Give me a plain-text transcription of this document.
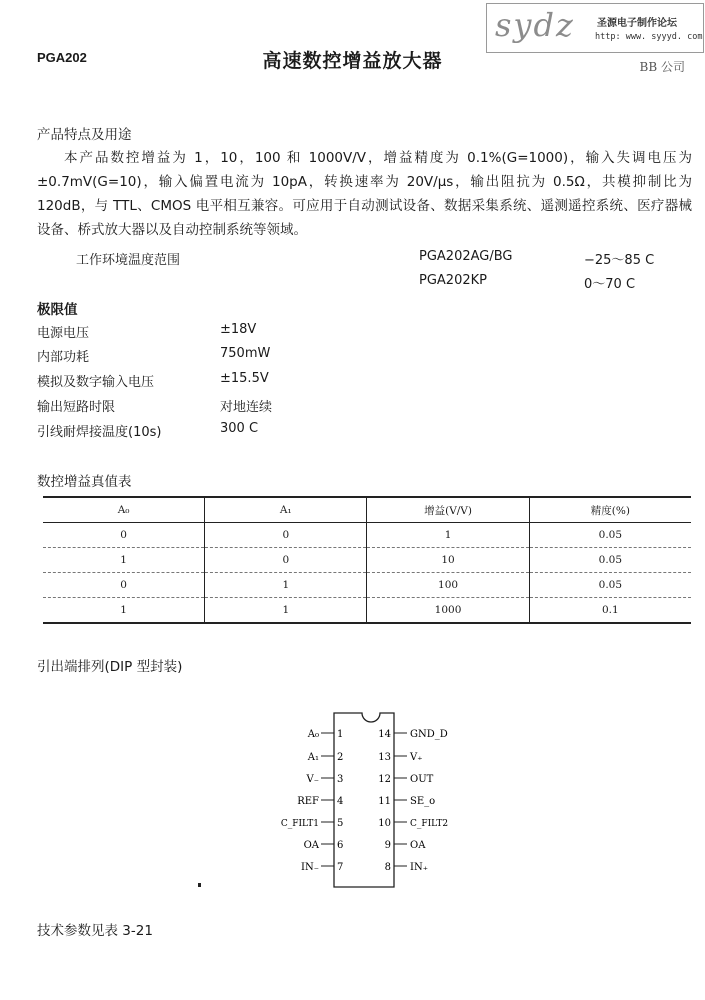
PGA202	高速数控增益放大器	BB 公司
sydz 圣源电子制作论坛
http: www. syyyd. com
产品特点及用途
本产品数控增益为 1，10，100 和 1000V/V，增益精度为 0.1%(G=1000)，输入失调电压为±0.7mV(G=10)，输入偏置电流为 10pA，转换速率为 20V/μs，输出阻抗为 0.5Ω，共模抑制比为 120dB，与 TTL、CMOS 电平相互兼容。可应用于自动测试设备、数据采集系统、遥测遥控系统、医疗器械设备、桥式放大器以及自动控制系统等领域。
工作环境温度范围	PGA202AG/BG	−25～85 C
PGA202KP	0～70 C
极限值
电源电压	±18V
内部功耗	750mW
模拟及数字输入电压	±15.5V
输出短路时限	对地连续
引线耐焊接温度(10s)	300 C
数控增益真值表
A₀	A₁	增益(V/V)	精度(%)
0	0	1	0.05
1	0	10	0.05
0	1	100	0.05
1	1	1000	0.1
引出端排列(DIP 型封装)
A₀ 1
A₁ 2
V₋ 3
REF 4
C_FILT1 5
OA 6
IN₋ 7
14 GND_D
13 V₊
12 OUT
11 SE_o
10 C_FILT2
9 OA
8 IN₊
技术参数见表 3-21
